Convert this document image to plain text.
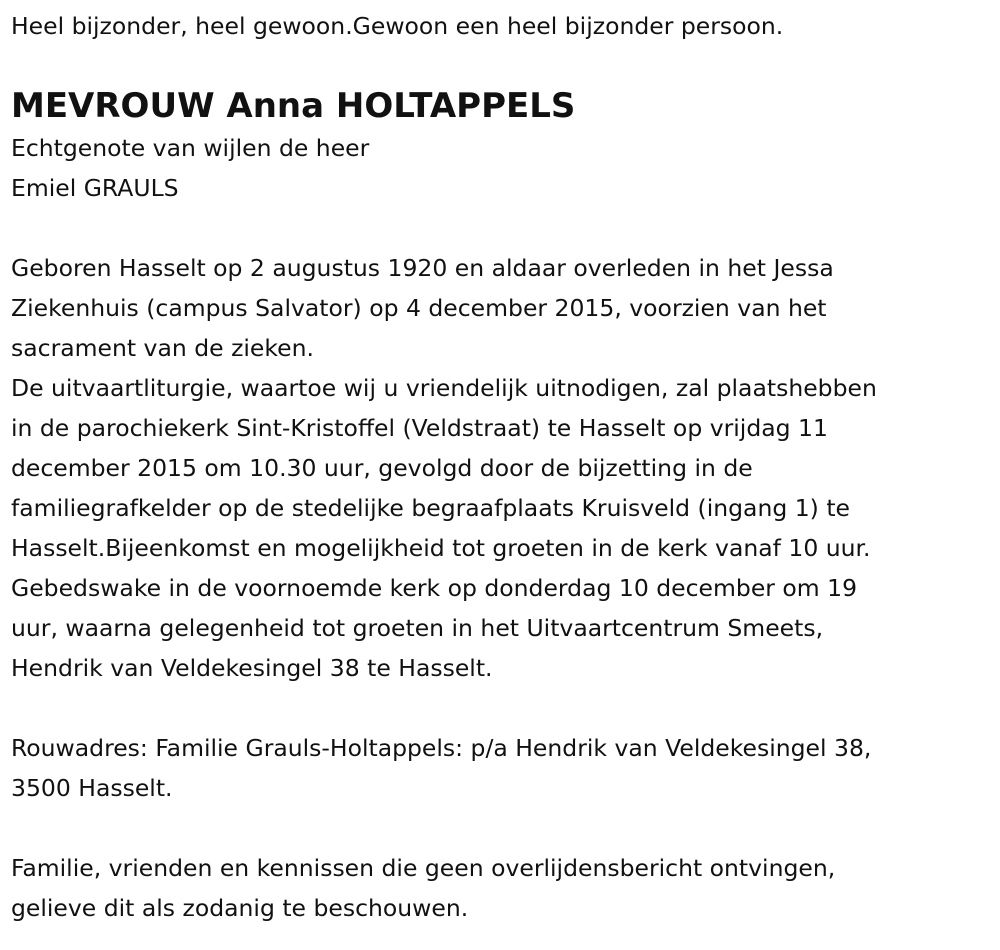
Heel bijzonder, heel gewoon.Gewoon een heel bijzonder persoon.

MEVROUW Anna HOLTAPPELS

Echtgenote van wijlen de heer

Emiel GRAULS

Geboren Hasselt op 2 augustus 1920 en aldaar overleden in het Jessa

Ziekenhuis (campus Salvator) op 4 december 2015, voorzien van het

sacrament van de zieken.

De uitvaartliturgie, waartoe wij u vriendelijk uitnodigen, zal plaatshebben

in de parochiekerk Sint-Kristoffel (Veldstraat) te Hasselt op vrijdag 11

december 2015 om 10.30 uur, gevolgd door de bijzetting in de

familiegrafkelder op de stedelijke begraafplaats Kruisveld (ingang 1) te

Hasselt.Bijeenkomst en mogelijkheid tot groeten in de kerk vanaf 10 uur.

Gebedswake in de voornoemde kerk op donderdag 10 december om 19

uur, waarna gelegenheid tot groeten in het Uitvaartcentrum Smeets,

Hendrik van Veldekesingel 38 te Hasselt.

Rouwadres: Familie Grauls-Holtappels: p/a Hendrik van Veldekesingel 38,

3500 Hasselt.

Familie, vrienden en kennissen die geen overlijdensbericht ontvingen,

gelieve dit als zodanig te beschouwen.
